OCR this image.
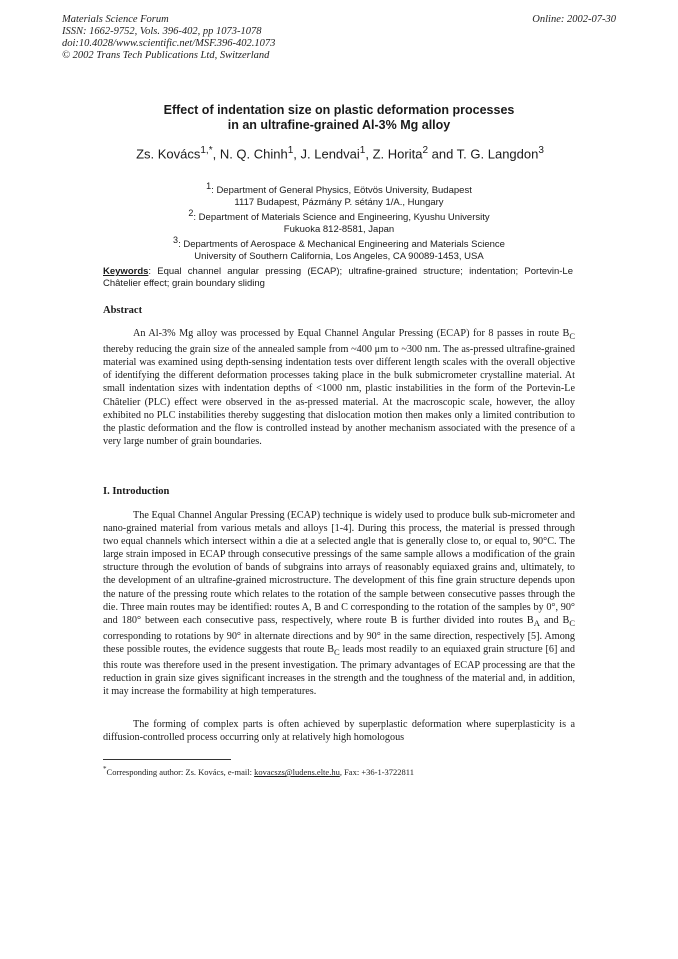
Materials Science Forum
ISSN: 1662-9752, Vols. 396-402, pp 1073-1078
doi:10.4028/www.scientific.net/MSF.396-402.1073
© 2002 Trans Tech Publications Ltd, Switzerland
Online: 2002-07-30
Effect of indentation size on plastic deformation processes
in an ultrafine-grained Al-3% Mg alloy
Zs. Kovács$^{1,*}$, N. Q. Chinh$^1$, J. Lendvai$^1$, Z. Horita$^2$ and T. G. Langdon$^3$
$^1$: Department of General Physics, Eötvös University, Budapest
1117 Budapest, Pázmány P. sétány 1/A., Hungary
$^2$: Department of Materials Science and Engineering, Kyushu University
Fukuoka 812-8581, Japan
$^3$: Departments of Aerospace & Mechanical Engineering and Materials Science
University of Southern California, Los Angeles, CA 90089-1453, USA
Keywords: Equal channel angular pressing (ECAP); ultrafine-grained structure; indentation; Portevin-Le Châtelier effect; grain boundary sliding
Abstract
An Al-3% Mg alloy was processed by Equal Channel Angular Pressing (ECAP) for 8 passes in route $B_C$ thereby reducing the grain size of the annealed sample from ~400 μm to ~300 nm. The as-pressed ultrafine-grained material was examined using depth-sensing indentation tests over different length scales with the overall objective of identifying the different deformation processes taking place in the bulk submicrometer crystalline material. At small indentation sizes with indentation depths of <1000 nm, plastic instabilities in the form of the Portevin-Le Châtelier (PLC) effect were observed in the as-pressed material. At the macroscopic scale, however, the alloy exhibited no PLC instabilities thereby suggesting that dislocation motion then makes only a limited contribution to the plastic deformation and the flow is controlled instead by another mechanism associated with the presence of a very large number of grain boundaries.
I. Introduction
The Equal Channel Angular Pressing (ECAP) technique is widely used to produce bulk sub-micrometer and nano-grained material from various metals and alloys [1-4]. During this process, the material is pressed through two equal channels which intersect within a die at a selected angle that is generally close to, or equal to, 90°C. The large strain imposed in ECAP through consecutive pressings of the same sample allows a modification of the grain structure through the evolution of bands of subgrains into arrays of reasonably equiaxed grains and, ultimately, to the development of an ultrafine-grained microstructure. The development of this fine grain structure depends upon the nature of the pressing route which relates to the rotation of the sample between consecutive passes through the die. Three main routes may be identified: routes A, B and C corresponding to the rotation of the samples by 0°, 90° and 180° between each consecutive pass, respectively, where route B is further divided into routes $B_A$ and $B_C$ corresponding to rotations by 90° in alternate directions and by 90° in the same direction, respectively [5]. Among these possible routes, the evidence suggests that route $B_C$ leads most readily to an equiaxed grain structure [6] and this route was therefore used in the present investigation. The primary advantages of ECAP processing are that the reduction in grain size gives significant increases in the strength and the toughness of the material and, in addition, it may increase the formability at high temperatures.
The forming of complex parts is often achieved by superplastic deformation where superplasticity is a diffusion-controlled process occurring only at relatively high homologous
*Corresponding author: Zs. Kovács, e-mail: kovacszs@ludens.elte.hu, Fax: +36-1-3722811
